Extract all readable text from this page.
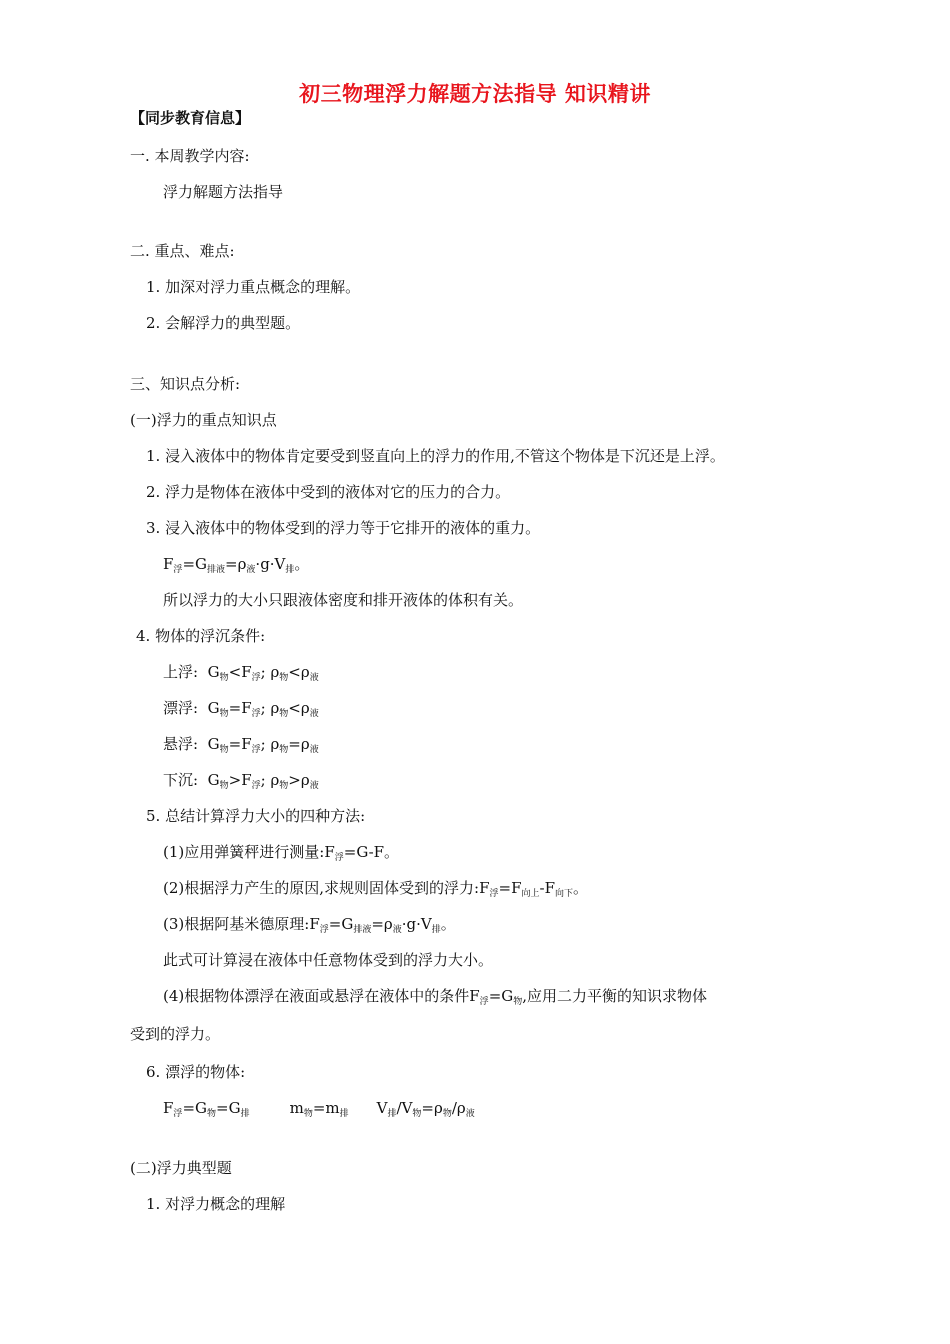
初三物理浮力解题方法指导 知识精讲
【同步教育信息】
一. 本周教学内容:
浮力解题方法指导
二. 重点、难点:
1. 加深对浮力重点概念的理解。
2. 会解浮力的典型题。
三、知识点分析:
(一)浮力的重点知识点
1. 浸入液体中的物体肯定要受到竖直向上的浮力的作用,不管这个物体是下沉还是上浮。
2. 浮力是物体在液体中受到的液体对它的压力的合力。
3. 浸入液体中的物体受到的浮力等于它排开的液体的重力。
$F_浮=G_{排液}=\rho_液\cdot g\cdot V_排$。
所以浮力的大小只跟液体密度和排开液体的体积有关。
4. 物体的浮沉条件:
上浮:  $G_物<F_浮$; $\rho_物<\rho_液$
漂浮:  $G_物=F_浮$; $\rho_物<\rho_液$
悬浮:  $G_物=F_浮$; $\rho_物=\rho_液$
下沉:  $G_物>F_浮$; $\rho_物>\rho_液$
5. 总结计算浮力大小的四种方法:
(1)应用弹簧秤进行测量$:F_浮=G-F$。
(2)根据浮力产生的原因,求规则固体受到的浮力$:F_浮=F_{向上}-F_{向下}$。
(3)根据阿基米德原理$:F_浮=G_{排液}=\rho_液\cdot g\cdot V_排$。
此式可计算浸在液体中任意物体受到的浮力大小。
(4)根据物体漂浮在液面或悬浮在液体中的条件$F_浮=G_物$,应用二力平衡的知识求物体
受到的浮力。
6. 漂浮的物体:
$F_浮=G_物=G_排$	$m_物=m_排$ $V_排/V_物=\rho_物/\rho_液$
(二)浮力典型题
1. 对浮力概念的理解
